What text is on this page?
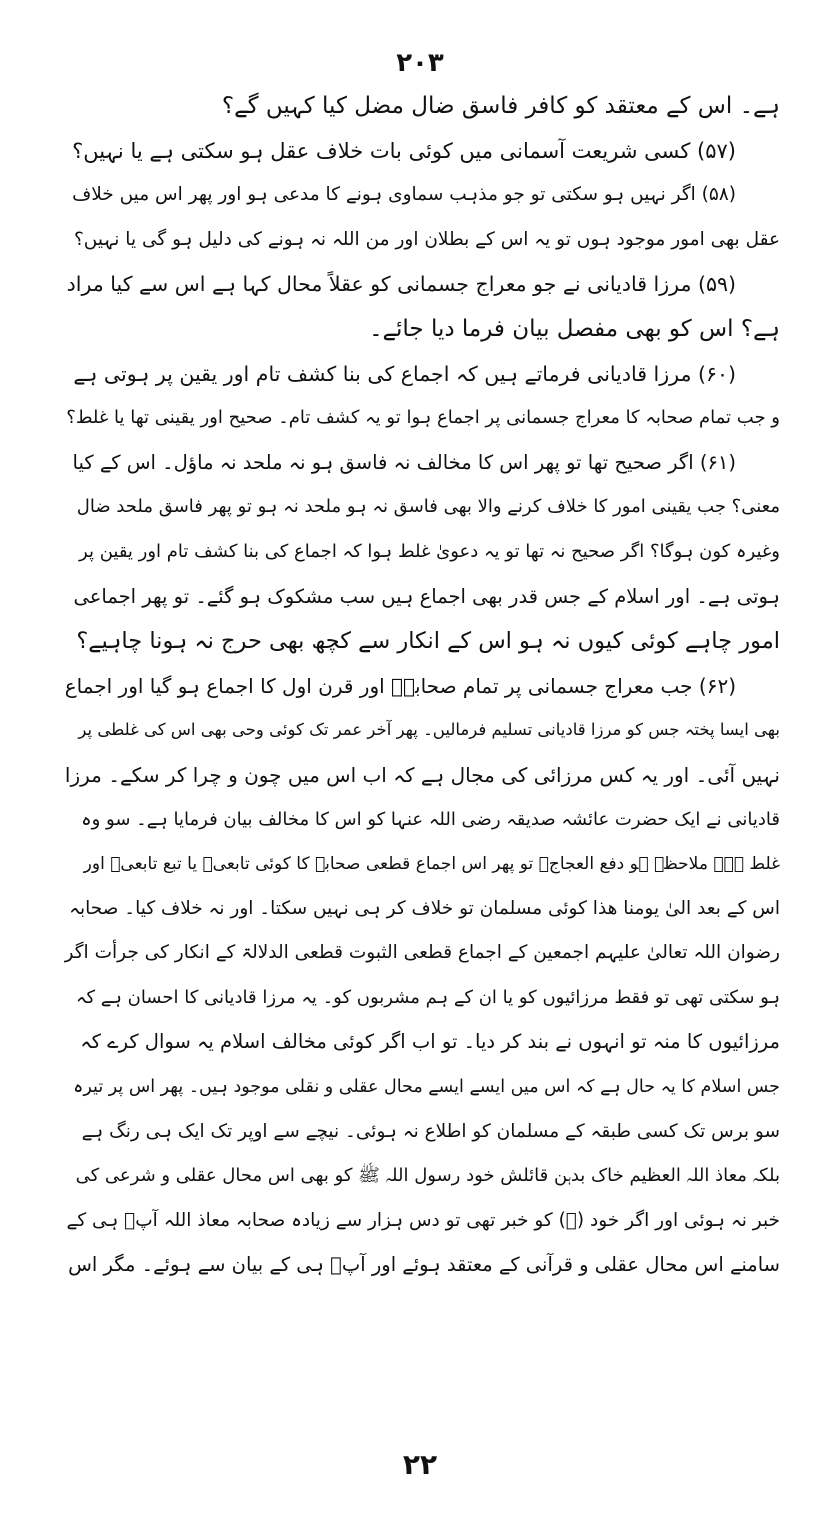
۲۰۳
ہے۔ اس کے معتقد کو کافر فاسق ضال مضل کیا کہیں گے؟
(۵۷) کسی شریعت آسمانی میں کوئی بات خلاف عقل ہو سکتی ہے یا نہیں؟
(۵۸) اگر نہیں ہو سکتی تو جو مذہب سماوی ہونے کا مدعی ہو اور پھر اس میں خلاف
عقل بھی امور موجود ہوں تو یہ اس کے بطلان اور من اللہ نہ ہونے کی دلیل ہو گی یا نہیں؟
(۵۹) مرزا قادیانی نے جو معراج جسمانی کو عقلاً محال کہا ہے اس سے کیا مراد
ہے؟ اس کو بھی مفصل بیان فرما دیا جائے۔
(۶۰) مرزا قادیانی فرماتے ہیں کہ اجماع کی بنا کشف تام اور یقین پر ہوتی ہے
و جب تمام صحابہ کا معراج جسمانی پر اجماع ہوا تو یہ کشف تام۔ صحیح اور یقینی تھا یا غلط؟
(۶۱) اگر صحیح تھا تو پھر اس کا مخالف نہ فاسق ہو نہ ملحد نہ ماؤل۔ اس کے کیا
معنی؟ جب یقینی امور کا خلاف کرنے والا بھی فاسق نہ ہو ملحد نہ ہو تو پھر فاسق ملحد ضال
وغیرہ کون ہوگا؟ اگر صحیح نہ تھا تو یہ دعویٰ غلط ہوا کہ اجماع کی بنا کشف تام اور یقین پر
ہوتی ہے۔ اور اسلام کے جس قدر بھی اجماع ہیں سب مشکوک ہو گئے۔ تو پھر اجماعی
امور چاہے کوئی کیوں نہ ہو اس کے انکار سے کچھ بھی حرج نہ ہونا چاہیے؟
(۶۲) جب معراج جسمانی پر تمام صحابہؓ اور قرن اول کا اجماع ہو گیا اور اجماع
بھی ایسا پختہ جس کو مرزا قادیانی تسلیم فرمالیں۔ پھر آخر عمر تک کوئی وحی بھی اس کی غلطی پر
نہیں آئی۔ اور یہ کس مرزائی کی مجال ہے کہ اب اس میں چون و چرا کر سکے۔ مرزا
قادیانی نے ایک حضرت عائشہ صدیقہ رضی اللہ عنہا کو اس کا مخالف بیان فرمایا ہے۔ سو وہ
غلط ہے۔ ملاحظہ ہو دفع العجاج۔ تو پھر اس اجماع قطعی صحابہ کا کوئی تابعیؒ یا تبع تابعیؒ اور
اس کے بعد الیٰ یومنا ھذا کوئی مسلمان تو خلاف کر ہی نہیں سکتا۔ اور نہ خلاف کیا۔ صحابہ
رضوان اللہ تعالیٰ علیہم اجمعین کے اجماع قطعی الثبوت قطعی الدلالۃ کے انکار کی جرأت اگر
ہو سکتی تھی تو فقط مرزائیوں کو یا ان کے ہم مشربوں کو۔ یہ مرزا قادیانی کا احسان ہے کہ
مرزائیوں کا منہ تو انہوں نے بند کر دیا۔ تو اب اگر کوئی مخالف اسلام یہ سوال کرے کہ
جس اسلام کا یہ حال ہے کہ اس میں ایسے ایسے محال عقلی و نقلی موجود ہیں۔ پھر اس پر تیرہ
سو برس تک کسی طبقہ کے مسلمان کو اطلاع نہ ہوئی۔ نیچے سے اوپر تک ایک ہی رنگ ہے
بلکہ معاذ اللہ العظیم خاک بدہن قائلش خود رسول اللہ ﷺ کو بھی اس محال عقلی و شرعی کی
خبر نہ ہوئی اور اگر خود (ﷺ) کو خبر تھی تو دس ہزار سے زیادہ صحابہ معاذ اللہ آپؐ ہی کے
سامنے اس محال عقلی و قرآنی کے معتقد ہوئے اور آپؐ ہی کے بیان سے ہوئے۔ مگر اس
۲۲
